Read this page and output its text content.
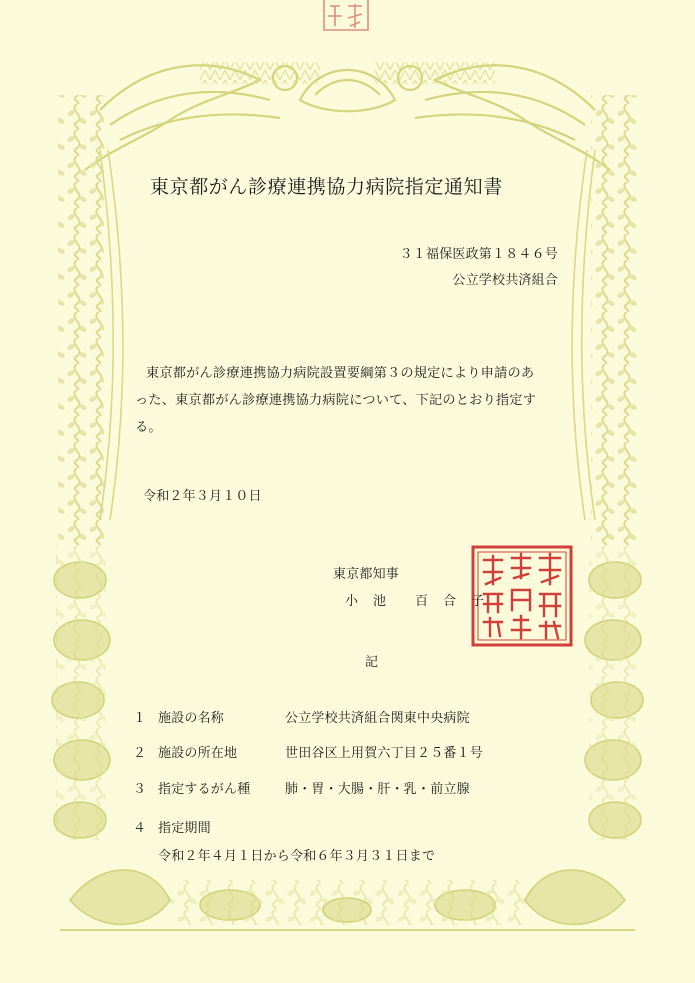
東京都がん診療連携協力病院指定通知書
３１福保医政第１８４６号
公立学校共済組合
東京都がん診療連携協力病院設置要綱第３の規定により申請のあ
った、東京都がん診療連携協力病院について、下記のとおり指定す
る。
令和２年３月１０日
東京都知事
小　池　　百　合　子
記
１ 施設の名称	公立学校共済組合関東中央病院
２ 施設の所在地	世田谷区上用賀六丁目２５番１号
３ 指定するがん種	肺・胃・大腸・肝・乳・前立腺
４ 指定期間
令和２年４月１日から令和６年３月３１日まで
